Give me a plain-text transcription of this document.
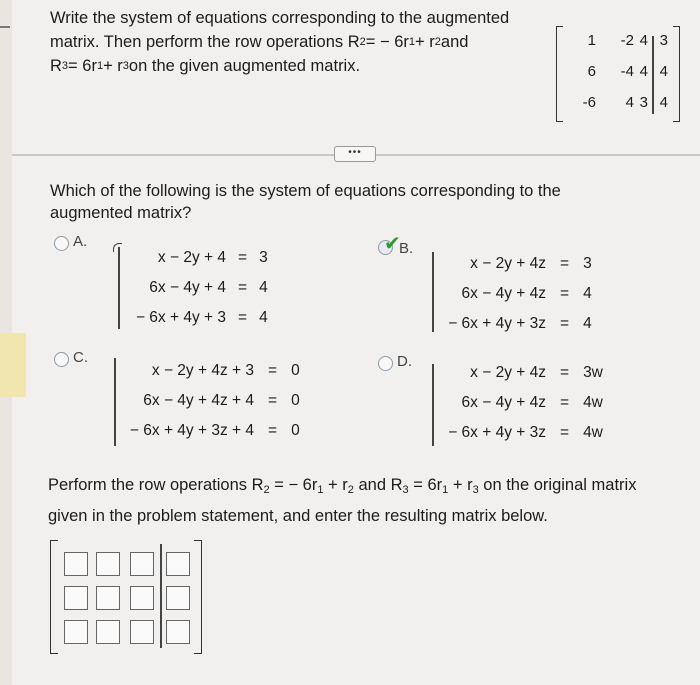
Write the system of equations corresponding to the augmented
matrix. Then perform the row operations R 2 = − 6r 1 + r 2 and
R 3 = 6r 1 + r 3 on the given augmented matrix.
1	-2 4 3
6	-4 4 4
-6	4 3 4
•••
Which of the following is the system of equations corresponding to the
augmented matrix?
A.
x − 2y + 4	=	3
6x − 4y + 4	=	4
− 6x + 4y + 3	=	4
✔
B.
x − 2y + 4z	=	3
6x − 4y + 4z	=	4
− 6x + 4y + 3z	=	4
C.
x − 2y + 4z + 3	=	0
6x − 4y + 4z + 4	=	0
− 6x + 4y + 3z + 4	=	0
D.
x − 2y + 4z	=	3w
6x − 4y + 4z	=	4w
− 6x + 4y + 3z	=	4w
Perform the row operations $R_2$ = − $6r_1 + r_2$ and $R_3 = 6r_1 + r_3$ on the original matrix
given in the problem statement, and enter the resulting matrix below.
